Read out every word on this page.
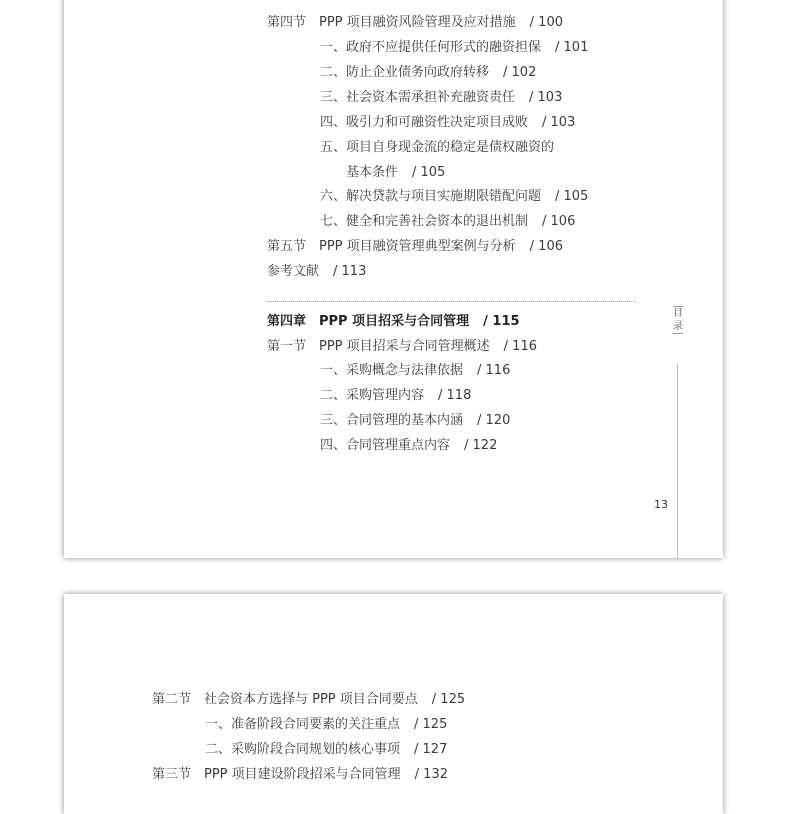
第四节 PPP 项目融资风险管理及应对措施 / 100
一、政府不应提供任何形式的融资担保 / 101
二、防止企业债务向政府转移 / 102
三、社会资本需承担补充融资责任 / 103
四、吸引力和可融资性决定项目成败 / 103
五、项目自身现金流的稳定是债权融资的
基本条件 / 105
六、解决贷款与项目实施期限错配问题 / 105
七、健全和完善社会资本的退出机制 / 106
第五节 PPP 项目融资管理典型案例与分析 / 106
参考文献 / 113
第四章 PPP 项目招采与合同管理 / 115
第一节 PPP 项目招采与合同管理概述 / 116
一、采购概念与法律依据 / 116
二、采购管理内容 / 118
三、合同管理的基本内涵 / 120
四、合同管理重点内容 / 122
目
录
13
第二节 社会资本方选择与 PPP 项目合同要点 / 125
一、准备阶段合同要素的关注重点 / 125
二、采购阶段合同规划的核心事项 / 127
第三节 PPP 项目建设阶段招采与合同管理 / 132
